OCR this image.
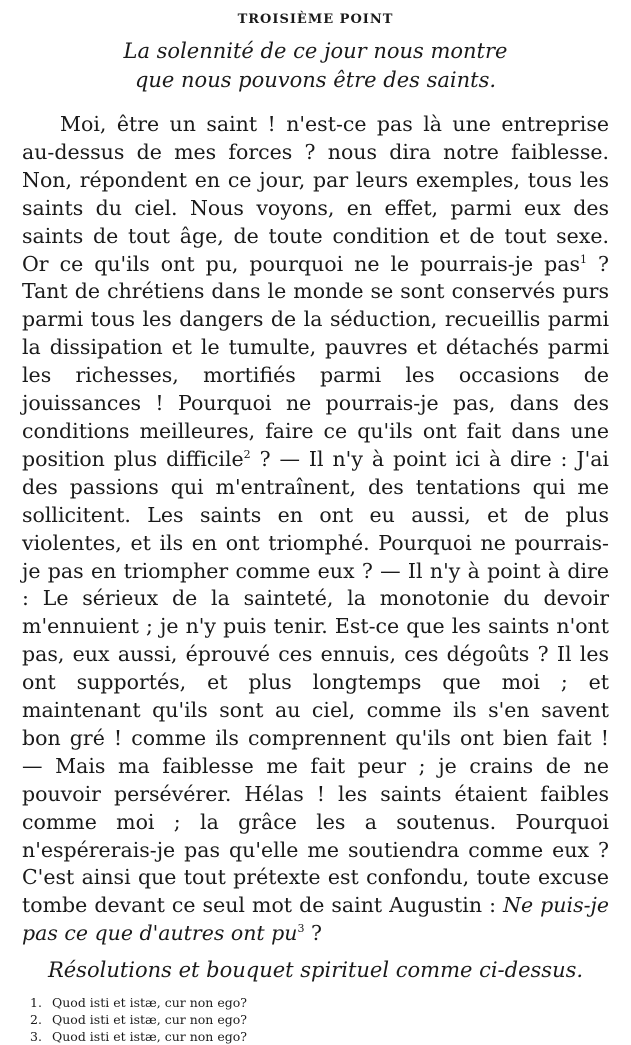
TROISIÈME POINT
La solennité de ce jour nous montre
que nous pouvons être des saints.

Moi, être un saint ! n'est-ce pas là une entreprise au-dessus de mes forces ? nous dira notre faiblesse. Non, répondent en ce jour, par leurs exemples, tous les saints du ciel. Nous voyons, en effet, parmi eux des saints de tout âge, de toute condition et de tout sexe. Or ce qu'ils ont pu, pourquoi ne le pourrais-je pas$^1$ ? Tant de chrétiens dans le monde se sont conservés purs parmi tous les dangers de la séduction, recueillis parmi la dissipation et le tumulte, pauvres et détachés parmi les richesses, mortifiés parmi les occasions de jouissances ! Pourquoi ne pourrais-je pas, dans des conditions meilleures, faire ce qu'ils ont fait dans une position plus difficile$^2$ ? — Il n'y à point ici à dire : J'ai des passions qui m'entraînent, des tentations qui me sollicitent. Les saints en ont eu aussi, et de plus violentes, et ils en ont triomphé. Pourquoi ne pourrais-je pas en triompher comme eux ? — Il n'y à point à dire : Le sérieux de la sainteté, la monotonie du devoir m'ennuient ; je n'y puis tenir. Est-ce que les saints n'ont pas, eux aussi, éprouvé ces ennuis, ces dégoûts ? Il les ont supportés, et plus longtemps que moi ; et maintenant qu'ils sont au ciel, comme ils s'en savent bon gré ! comme ils comprennent qu'ils ont bien fait ! — Mais ma faiblesse me fait peur ; je crains de ne pouvoir persévérer. Hélas ! les saints étaient faibles comme moi ; la grâce les a soutenus. Pourquoi n'espérerais-je pas qu'elle me soutiendra comme eux ? C'est ainsi que tout prétexte est confondu, toute excuse tombe devant ce seul mot de saint Augustin : Ne puis-je pas ce que d'autres ont $pu^3$ ?

Résolutions et bouquet spirituel comme ci-dessus.
1. Quod isti et istæ, cur non ego?
2. Quod isti et istæ, cur non ego?
3. Quod isti et istæ, cur non ego?
